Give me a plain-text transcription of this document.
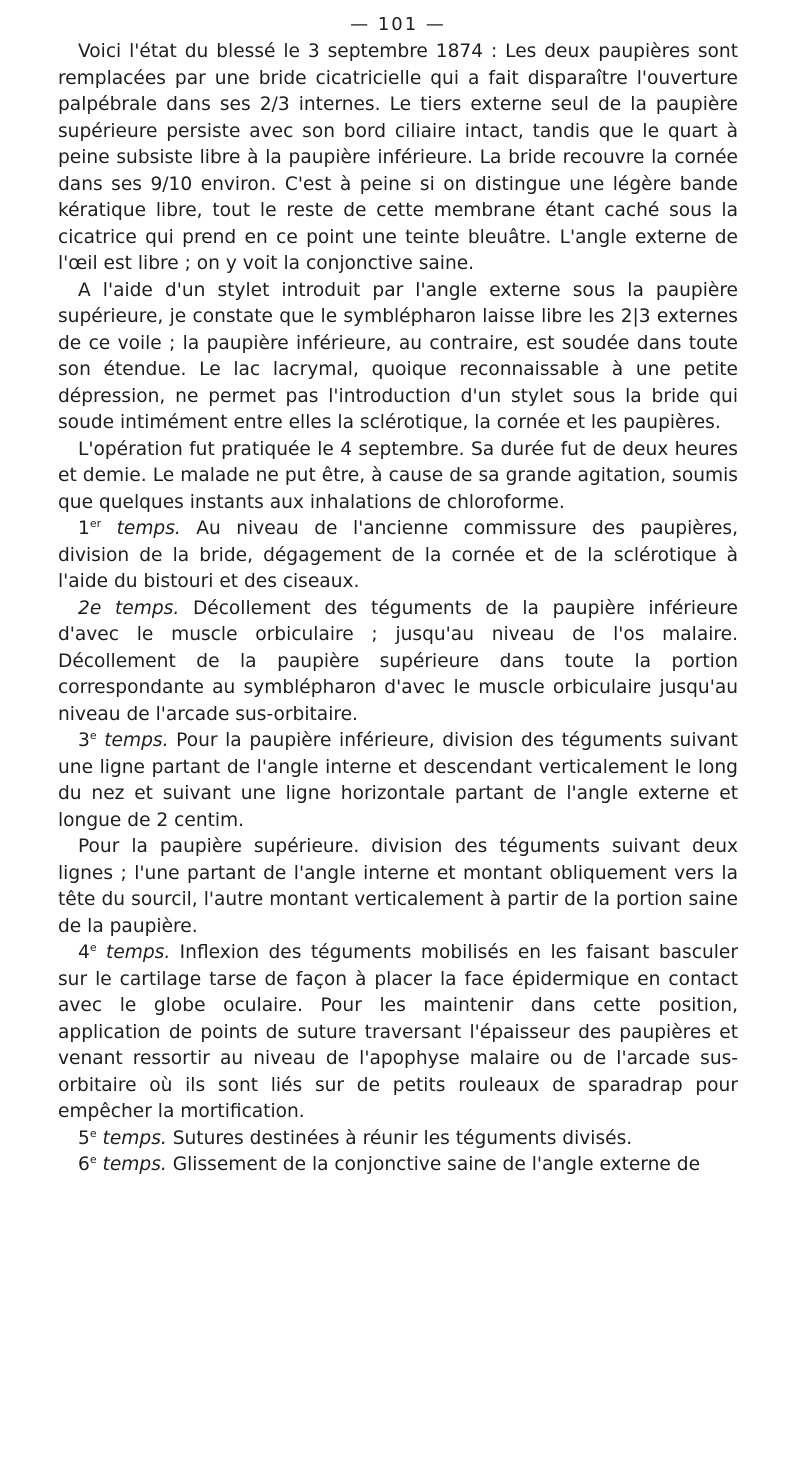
— 101 —

Voici l'état du blessé le 3 septembre 1874 : Les deux paupières sont remplacées par une bride cicatricielle qui a fait disparaître l'ouverture palpébrale dans ses 2/3 internes. Le tiers externe seul de la paupière supérieure persiste avec son bord ciliaire intact, tandis que le quart à peine subsiste libre à la paupière inférieure. La bride recouvre la cornée dans ses 9/10 environ. C'est à peine si on distingue une légère bande kératique libre, tout le reste de cette membrane étant caché sous la cicatrice qui prend en ce point une teinte bleuâtre. L'angle externe de l'œil est libre ; on y voit la conjonctive saine.

A l'aide d'un stylet introduit par l'angle externe sous la paupière supérieure, je constate que le symblépharon laisse libre les 2|3 externes de ce voile ; la paupière inférieure, au contraire, est soudée dans toute son étendue. Le lac lacrymal, quoique reconnaissable à une petite dépression, ne permet pas l'introduction d'un stylet sous la bride qui soude intimément entre elles la sclérotique, la cornée et les paupières.

L'opération fut pratiquée le 4 septembre. Sa durée fut de deux heures et demie. Le malade ne put être, à cause de sa grande agitation, soumis que quelques instants aux inhalations de chloroforme.

1er temps. Au niveau de l'ancienne commissure des paupières, division de la bride, dégagement de la cornée et de la sclérotique à l'aide du bistouri et des ciseaux.

2e temps. Décollement des téguments de la paupière inférieure d'avec le muscle orbiculaire ; jusqu'au niveau de l'os malaire. Décollement de la paupière supérieure dans toute la portion correspondante au symblépharon d'avec le muscle orbiculaire jusqu'au niveau de l'arcade sus-orbitaire.

3e temps. Pour la paupière inférieure, division des téguments suivant une ligne partant de l'angle interne et descendant verticalement le long du nez et suivant une ligne horizontale partant de l'angle externe et longue de 2 centim.

Pour la paupière supérieure. division des téguments suivant deux lignes ; l'une partant de l'angle interne et montant obliquement vers la tête du sourcil, l'autre montant verticalement à partir de la portion saine de la paupière.

4e temps. Inflexion des téguments mobilisés en les faisant basculer sur le cartilage tarse de façon à placer la face épidermique en contact avec le globe oculaire. Pour les maintenir dans cette position, application de points de suture traversant l'épaisseur des paupières et venant ressortir au niveau de l'apophyse malaire ou de l'arcade sus-orbitaire où ils sont liés sur de petits rouleaux de sparadrap pour empêcher la mortification.

5e temps. Sutures destinées à réunir les téguments divisés.

6e temps. Glissement de la conjonctive saine de l'angle externe de
